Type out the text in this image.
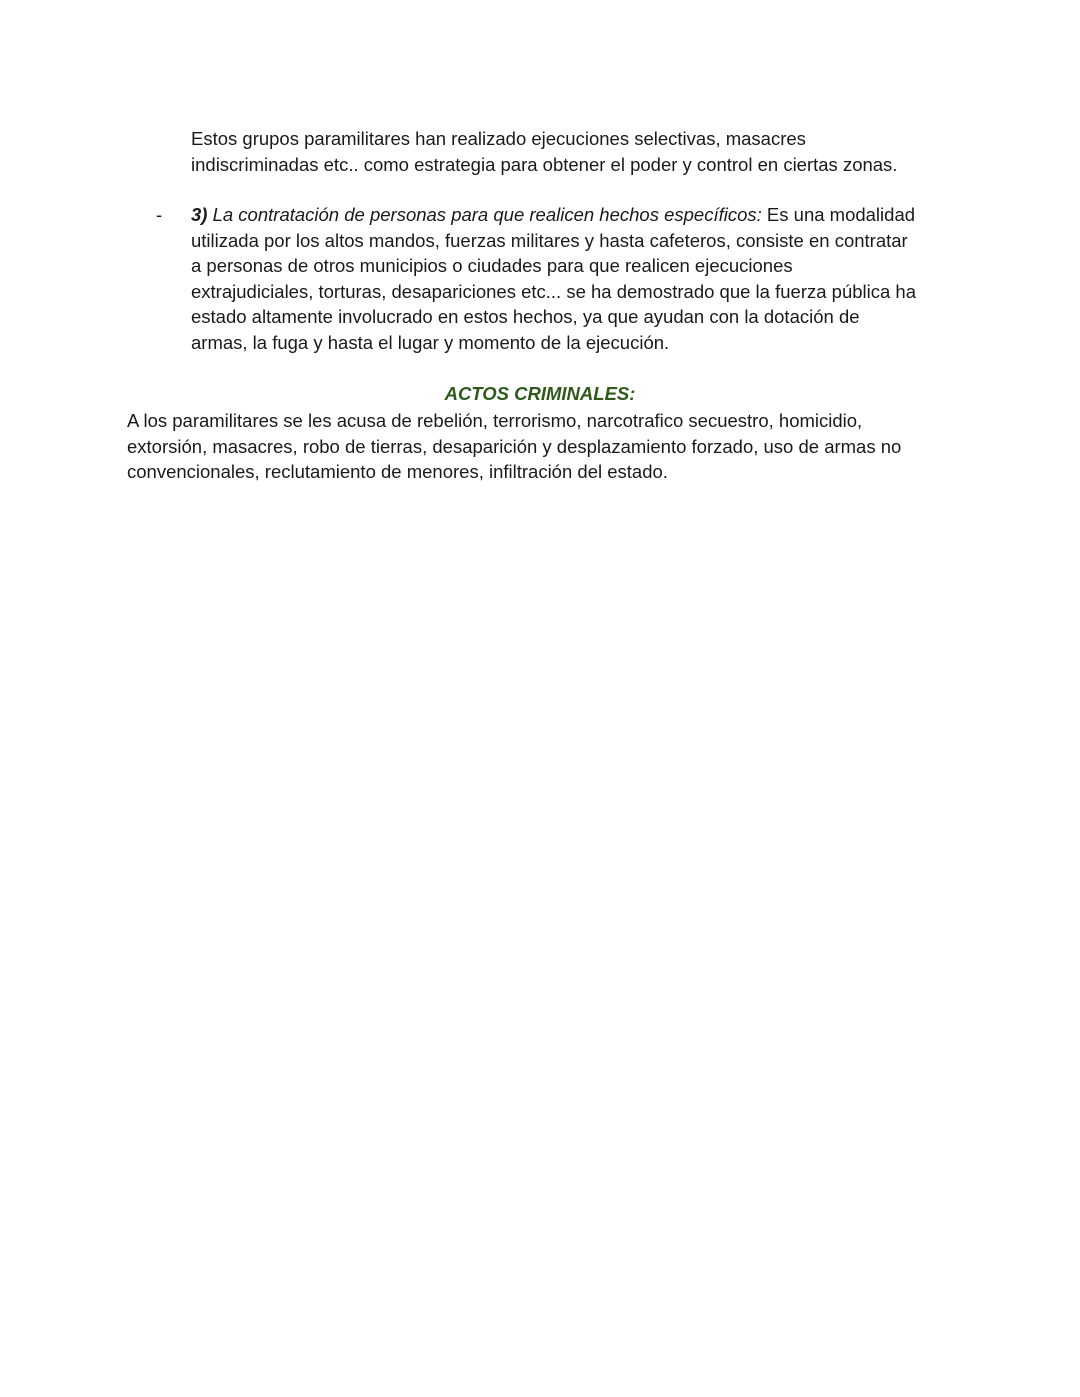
Estos grupos paramilitares han realizado ejecuciones selectivas, masacres
indiscriminadas etc.. como estrategia para obtener el poder y control en ciertas zonas.
- 3) La contratación de personas para que realicen hechos específicos: Es una modalidad
utilizada por los altos mandos, fuerzas militares y hasta cafeteros, consiste en contratar
a personas de otros municipios o ciudades para que realicen ejecuciones
extrajudiciales, torturas, desapariciones etc... se ha demostrado que la fuerza pública ha
estado altamente involucrado en estos hechos, ya que ayudan con la dotación de
armas, la fuga y hasta el lugar y momento de la ejecución.
ACTOS CRIMINALES:
A los paramilitares se les acusa de rebelión, terrorismo, narcotrafico secuestro, homicidio,
extorsión, masacres, robo de tierras, desaparición y desplazamiento forzado, uso de armas no
convencionales, reclutamiento de menores, infiltración del estado.
